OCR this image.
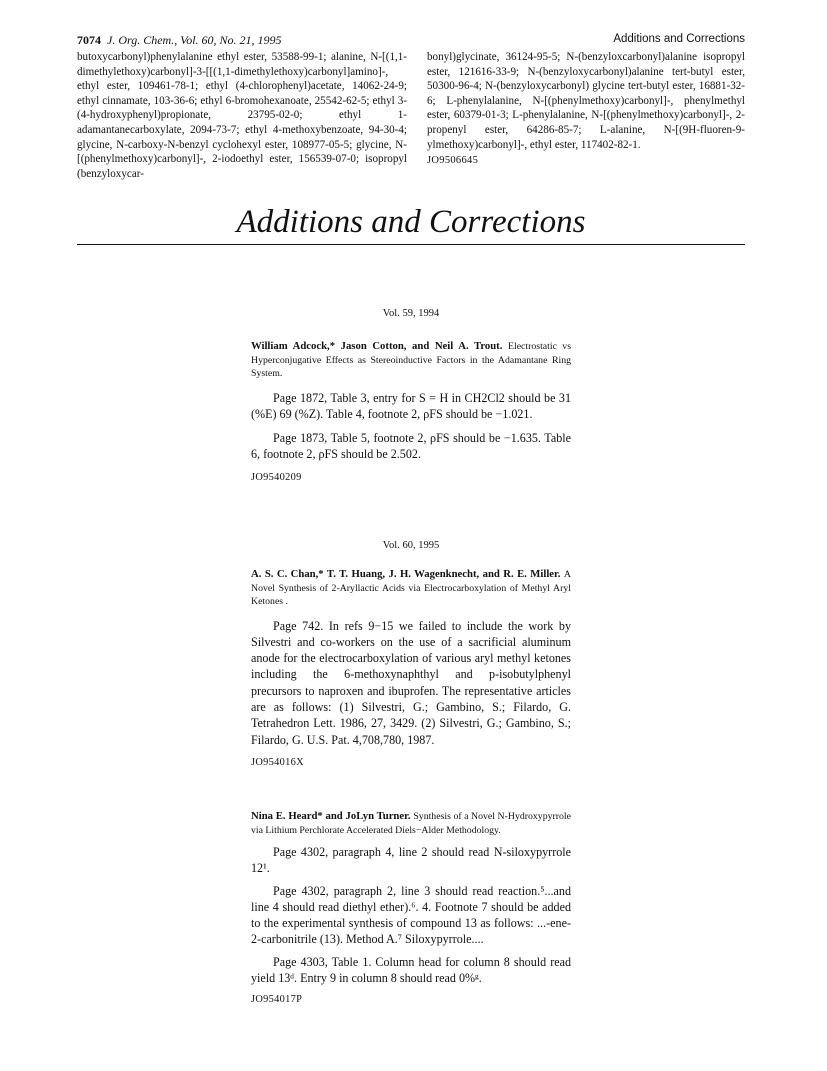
7074 J. Org. Chem., Vol. 60, No. 21, 1995	Additions and Corrections
butoxycarbonyl)phenylalanine ethyl ester, 53588-99-1; alanine, N-[(1,1-dimethylethoxy)carbonyl]-3-[[(1,1-dimethylethoxy)carbonyl]amino]-, ethyl ester, 109461-78-1; ethyl (4-chlorophenyl)acetate, 14062-24-9; ethyl cinnamate, 103-36-6; ethyl 6-bromohexanoate, 25542-62-5; ethyl 3-(4-hydroxyphenyl)propionate, 23795-02-0; ethyl 1-adamantanecarboxylate, 2094-73-7; ethyl 4-methoxybenzoate, 94-30-4; glycine, N-carboxy-N-benzyl cyclohexyl ester, 108977-05-5; glycine, N-[(phenylmethoxy)carbonyl]-, 2-iodoethyl ester, 156539-07-0; isopropyl (benzyloxycar-
bonyl)glycinate, 36124-95-5; N-(benzyloxcarbonyl)alanine isopropyl ester, 121616-33-9; N-(benzyloxycarbonyl)alanine tert-butyl ester, 50300-96-4; N-(benzyloxycarbonyl) glycine tert-butyl ester, 16881-32-6; L-phenylalanine, N-[(phenylmethoxy)carbonyl]-, phenylmethyl ester, 60379-01-3; L-phenylalanine, N-[(phenylmethoxy)carbonyl]-, 2-propenyl ester, 64286-85-7; L-alanine, N-[(9H-fluoren-9-ylmethoxy)carbonyl]-, ethyl ester, 117402-82-1.
JO9506645
Additions and Corrections
Vol. 59, 1994
William Adcock,* Jason Cotton, and Neil A. Trout. Electrostatic vs Hyperconjugative Effects as Stereoinductive Factors in the Adamantane Ring System.

Page 1872, Table 3, entry for S = H in CH2Cl2 should be 31 (%E) 69 (%Z). Table 4, footnote 2, ρFS should be −1.021.

Page 1873, Table 5, footnote 2, ρFS should be −1.635. Table 6, footnote 2, ρFS should be 2.502.

JO9540209
Vol. 60, 1995
A. S. C. Chan,* T. T. Huang, J. H. Wagenknecht, and R. E. Miller. A Novel Synthesis of 2-Aryllactic Acids via Electrocarboxylation of Methyl Aryl Ketones .

Page 742. In refs 9−15 we failed to include the work by Silvestri and co-workers on the use of a sacrificial aluminum anode for the electrocarboxylation of various aryl methyl ketones including the 6-methoxynaphthyl and p-isobutylphenyl precursors to naproxen and ibuprofen. The representative articles are as follows: (1) Silvestri, G.; Gambino, S.; Filardo, G. Tetrahedron Lett. 1986, 27, 3429. (2) Silvestri, G.; Gambino, S.; Filardo, G. U.S. Pat. 4,708,780, 1987.

JO954016X
Nina E. Heard* and JoLyn Turner. Synthesis of a Novel N-Hydroxypyrrole via Lithium Perchlorate Accelerated Diels−Alder Methodology.

Page 4302, paragraph 4, line 2 should read N-siloxypyrrole 12¹.

Page 4302, paragraph 2, line 3 should read reaction.⁵...and line 4 should read diethyl ether).⁶. 4. Footnote 7 should be added to the experimental synthesis of compound 13 as follows: ...-ene-2-carbonitrile (13). Method A.⁷ Siloxypyrrole....

Page 4303, Table 1. Column head for column 8 should read yield 13ᵈ. Entry 9 in column 8 should read 0%ᵍ.

JO954017P
